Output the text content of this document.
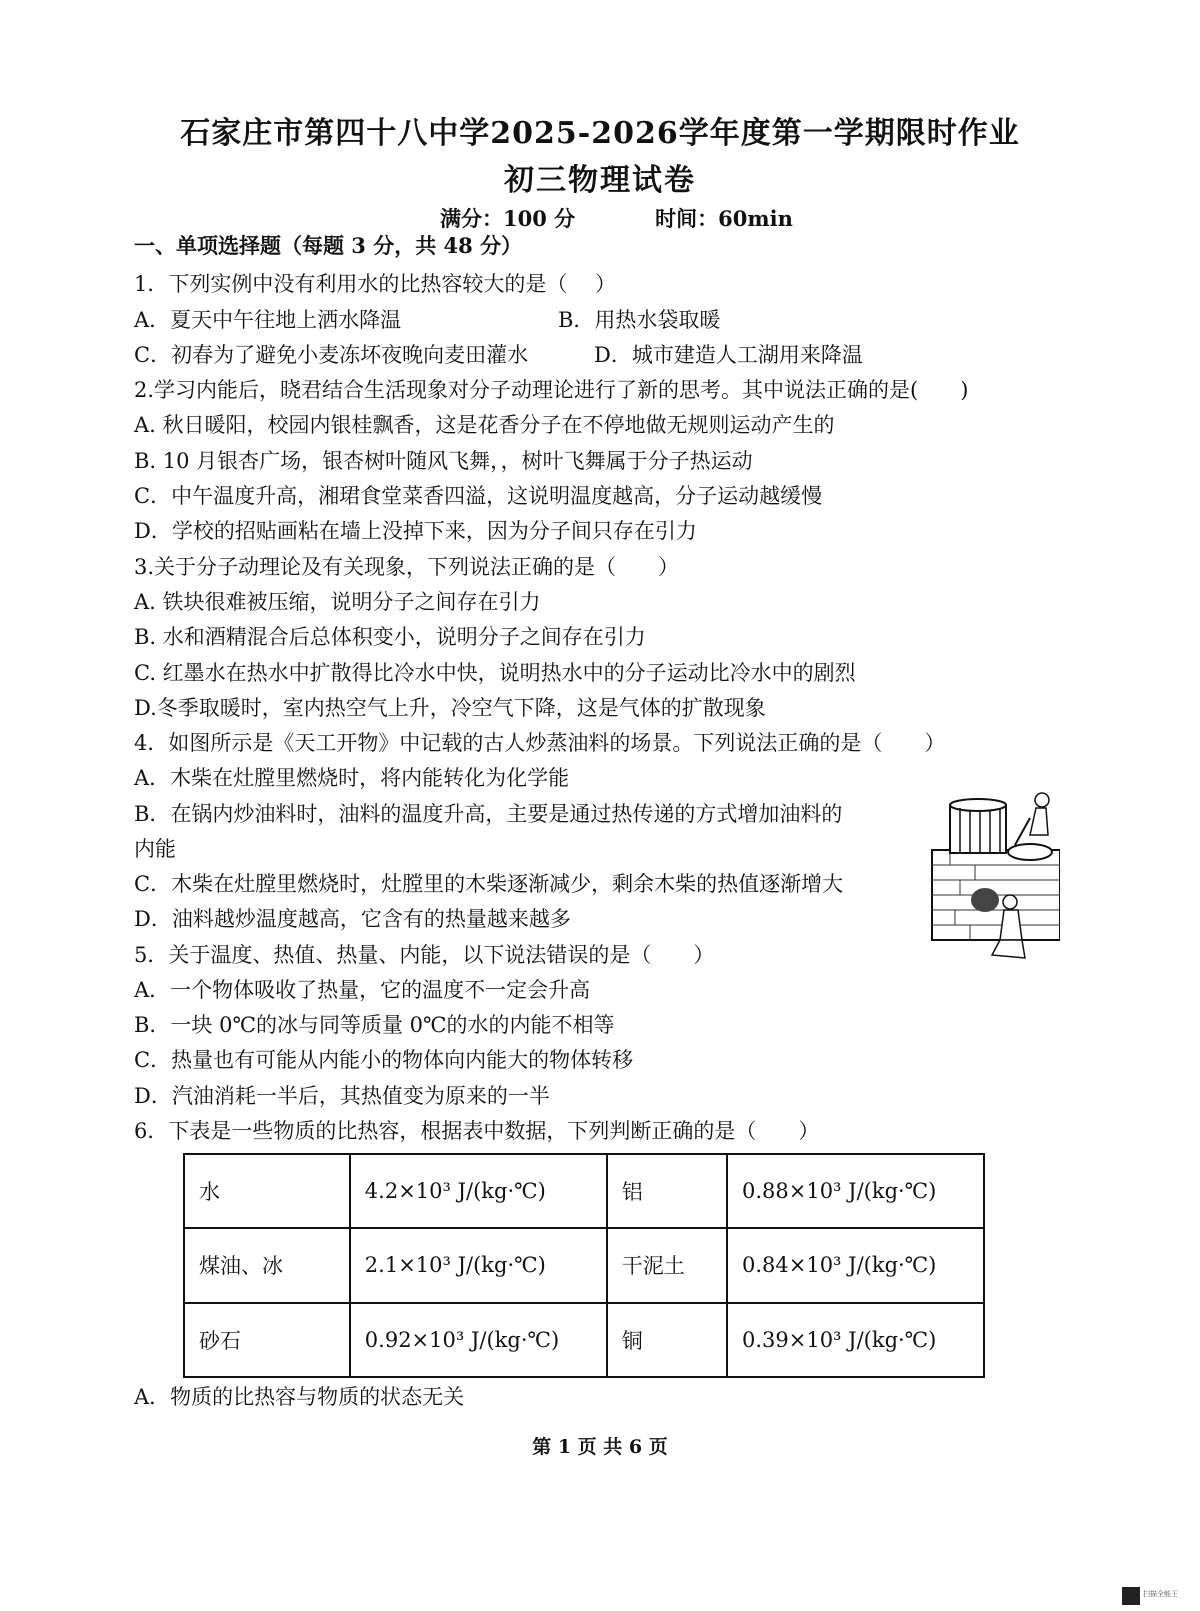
石家庄市第四十八中学2025-2026学年度第一学期限时作业
初三物理试卷
满分：100 分	时间：60min
一、单项选择题（每题 3 分，共 48 分）
1．下列实例中没有利用水的比热容较大的是（　 ）
A．夏天中午往地上洒水降温	B．用热水袋取暖
C．初春为了避免小麦冻坏夜晚向麦田灌水	D．城市建造人工湖用来降温
2.学习内能后，晓君结合生活现象对分子动理论进行了新的思考。其中说法正确的是(　　)
A. 秋日暖阳，校园内银桂飘香，这是花香分子在不停地做无规则运动产生的
B. 10 月银杏广场，银杏树叶随风飞舞，，树叶飞舞属于分子热运动
C．中午温度升高，湘珺食堂菜香四溢，这说明温度越高，分子运动越缓慢
D．学校的招贴画粘在墙上没掉下来，因为分子间只存在引力
3.关于分子动理论及有关现象，下列说法正确的是（　　）
A. 铁块很难被压缩，说明分子之间存在引力
B. 水和酒精混合后总体积变小，说明分子之间存在引力
C. 红墨水在热水中扩散得比冷水中快，说明热水中的分子运动比冷水中的剧烈
D.冬季取暖时，室内热空气上升，冷空气下降，这是气体的扩散现象
4．如图所示是《天工开物》中记载的古人炒蒸油料的场景。下列说法正确的是（　　）
A．木柴在灶膛里燃烧时，将内能转化为化学能
B．在锅内炒油料时，油料的温度升高，主要是通过热传递的方式增加油料的
内能
C．木柴在灶膛里燃烧时，灶膛里的木柴逐渐减少，剩余木柴的热值逐渐增大
D．油料越炒温度越高，它含有的热量越来越多
5．关于温度、热值、热量、内能，以下说法错误的是（　　）
A．一个物体吸收了热量，它的温度不一定会升高
B．一块 0℃的冰与同等质量 0℃的水的内能不相等
C．热量也有可能从内能小的物体向内能大的物体转移
D．汽油消耗一半后，其热值变为原来的一半
6．下表是一些物质的比热容，根据表中数据，下列判断正确的是（　　）
水	4.2×10³ J/(kg·℃)	铝	0.88×10³ J/(kg·℃)
煤油、冰	2.1×10³ J/(kg·℃)	干泥土	0.84×10³ J/(kg·℃)
砂石	0.92×10³ J/(kg·℃)	铜	0.39×10³ J/(kg·℃)
A．物质的比热容与物质的状态无关
第 1 页 共 6 页
扫描全能王
